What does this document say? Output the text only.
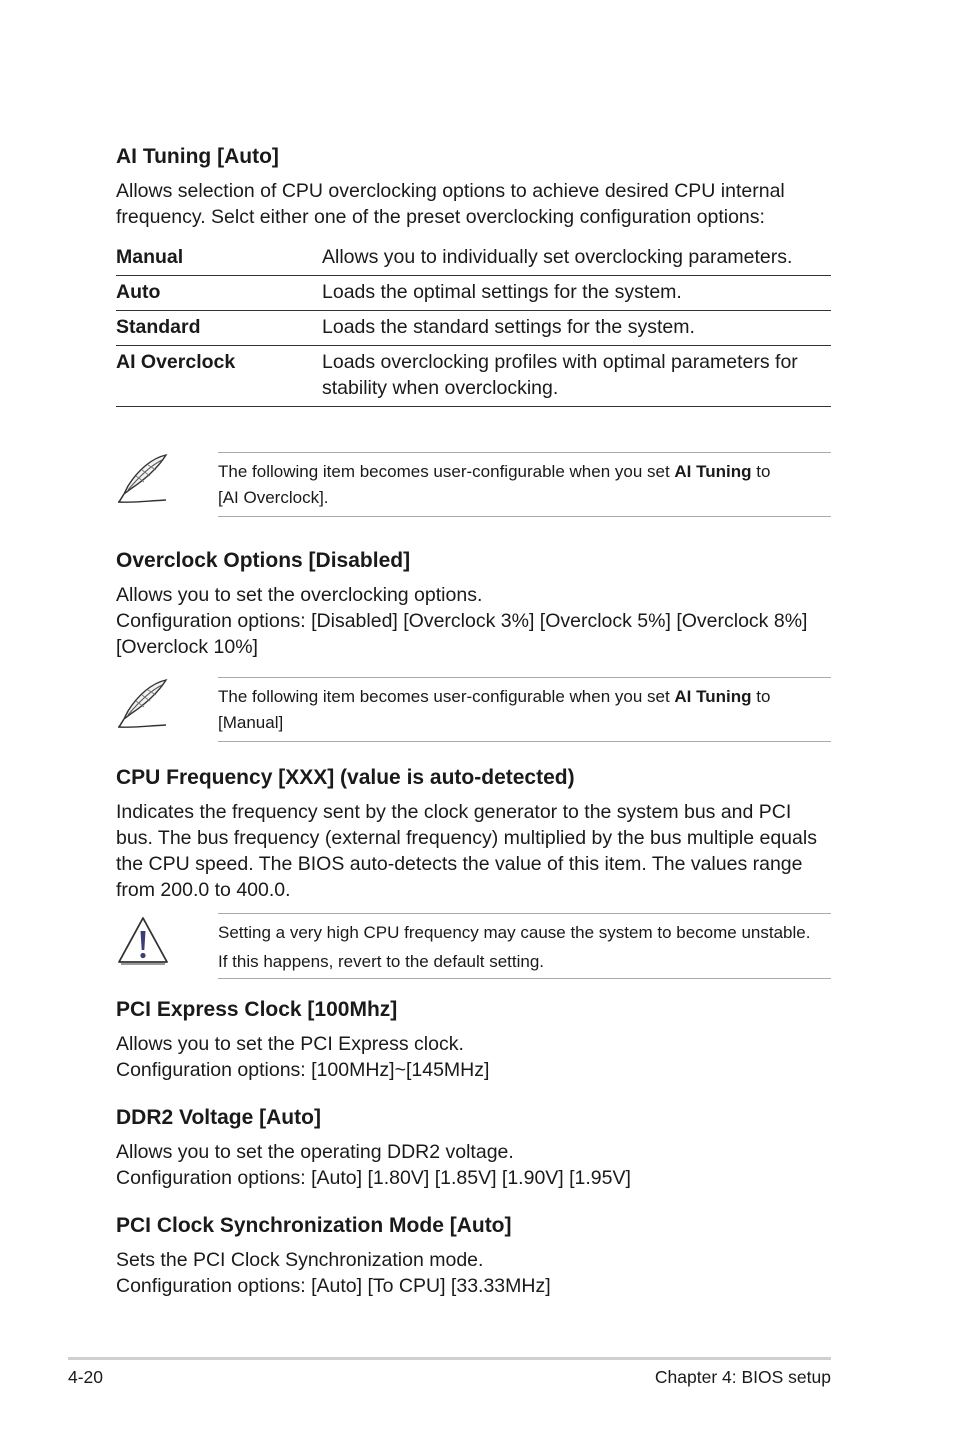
AI Tuning [Auto]

Allows selection of CPU overclocking options to achieve desired CPU internal
frequency. Selct either one of the preset overclocking configuration options:

Manual	Allows you to individually set overclocking parameters.
Auto	Loads the optimal settings for the system.
Standard	Loads the standard settings for the system.
AI Overclock	Loads overclocking profiles with optimal parameters for
stability when overclocking.
The following item becomes user-configurable when you set AI Tuning to
[AI Overclock].
Overclock Options [Disabled]

Allows you to set the overclocking options.
Configuration options: [Disabled] [Overclock 3%] [Overclock 5%] [Overclock 8%]
[Overclock 10%]

The following item becomes user-configurable when you set AI Tuning to
[Manual]
CPU Frequency [XXX] (value is auto-detected)

Indicates the frequency sent by the clock generator to the system bus and PCI
bus. The bus frequency (external frequency) multiplied by the bus multiple equals
the CPU speed. The BIOS auto-detects the value of this item. The values range
from 200.0 to 400.0.

Setting a very high CPU frequency may cause the system to become unstable.
If this happens, revert to the default setting.
PCI Express Clock [100Mhz]

Allows you to set the PCI Express clock.
Configuration options: [100MHz]~[145MHz]

DDR2 Voltage [Auto]

Allows you to set the operating DDR2 voltage.
Configuration options: [Auto] [1.80V] [1.85V] [1.90V] [1.95V]

PCI Clock Synchronization Mode [Auto]

Sets the PCI Clock Synchronization mode.
Configuration options: [Auto] [To CPU] [33.33MHz]

4-20	Chapter 4: BIOS setup
